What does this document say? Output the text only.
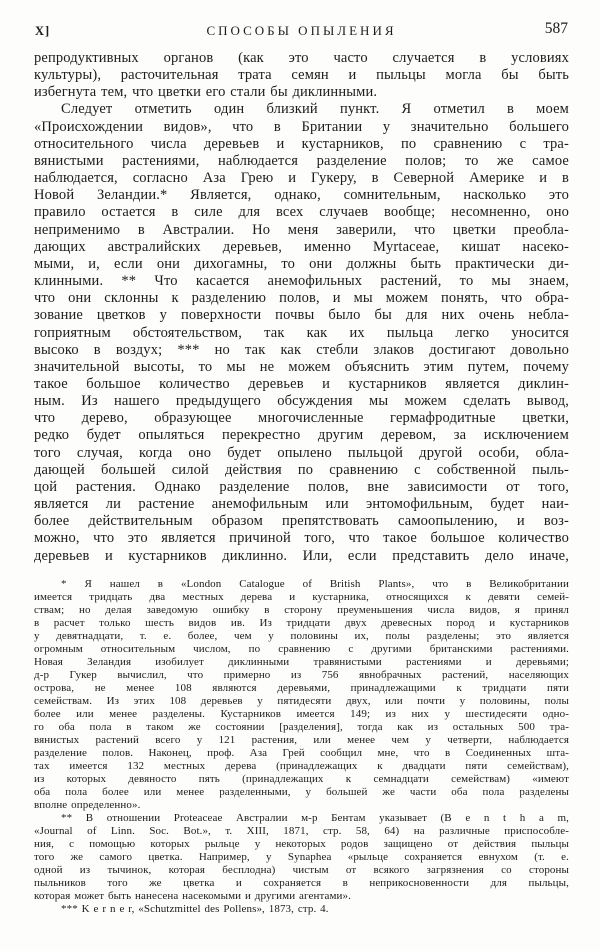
X]	СПОСОБЫ ОПЫЛЕНИЯ	587
репродуктивных органов (как это часто случается в условиях
культуры), расточительная трата семян и пыльцы могла бы быть
избегнута тем, что цветки его стали бы диклинными.
Следует отметить один близкий пункт. Я отметил в моем
«Происхождении видов», что в Британии у значительно большего
относительного числа деревьев и кустарников, по сравнению с тра-
вянистыми растениями, наблюдается разделение полов; то же самое
наблюдается, согласно Аза Грею и Гукеру, в Северной Америке и в
Новой Зеландии.* Является, однако, сомнительным, насколько это
правило остается в силе для всех случаев вообще; несомненно, оно
неприменимо в Австралии. Но меня заверили, что цветки преобла-
дающих австралийских деревьев, именно Myrtaceae, кишат насеко-
мыми, и, если они дихогамны, то они должны быть практически ди-
клинными. ** Что касается анемофильных растений, то мы знаем,
что они склонны к разделению полов, и мы можем понять, что обра-
зование цветков у поверхности почвы было бы для них очень небла-
гоприятным обстоятельством, так как их пыльца легко уносится
высоко в воздух; *** но так как стебли злаков достигают довольно
значительной высоты, то мы не можем объяснить этим путем, почему
такое большое количество деревьев и кустарников является диклин-
ным. Из нашего предыдущего обсуждения мы можем сделать вывод,
что дерево, образующее многочисленные гермафродитные цветки,
редко будет опыляться перекрестно другим деревом, за исключением
того случая, когда оно будет опылено пыльцой другой особи, обла-
дающей большей силой действия по сравнению с собственной пыль-
цой растения. Однако разделение полов, вне зависимости от того,
является ли растение анемофильным или энтомофильным, будет наи-
более действительным образом препятствовать самоопылению, и воз-
можно, что это является причиной того, что такое большое количество
деревьев и кустарников диклинно. Или, если представить дело иначе,
* Я нашел в «London Catalogue of British Plants», что в Великобритании
имеется тридцать два местных дерева и кустарника, относящихся к девяти семей-
ствам; но делая заведомую ошибку в сторону преуменьшения числа видов, я принял
в расчет только шесть видов ив. Из тридцати двух древесных пород и кустарников
у девятнадцати, т. е. более, чем у половины их, полы разделены; это является
огромным относительным числом, по сравнению с другими британскими растениями.
Новая Зеландия изобилует диклинными травянистыми растениями и деревьями;
д-р Гукер вычислил, что примерно из 756 явнобрачных растений, населяющих
острова, не менее 108 являются деревьями, принадлежащими к тридцати пяти
семействам. Из этих 108 деревьев у пятидесяти двух, или почти у половины, полы
более или менее разделены. Кустарников имеется 149; из них у шестидесяти одно-
го оба пола в таком же состоянии [разделения], тогда как из остальных 500 тра-
вянистых растений всего у 121 растения, или менее чем у четверти, наблюдается
разделение полов. Наконец, проф. Аза Грей сообщил мне, что в Соединенных шта-
тах имеется 132 местных дерева (принадлежащих к двадцати пяти семействам),
из которых девяносто пять (принадлежащих к семнадцати семействам) «имеют
оба пола более или менее разделенными, у большей же части оба пола разделены
вполне определенно».
** В отношении Proteaceae Австралии м-р Бентам указывает (B e n t h a m,
«Journal of Linn. Soc. Bot.», т. XIII, 1871, стр. 58, 64) на различные приспособле-
ния, с помощью которых рыльце у некоторых родов защищено от действия пыльцы
того же самого цветка. Например, у Synaphea «рыльце сохраняется евнухом (т. е.
одной из тычинок, которая бесплодна) чистым от всякого загрязнения со стороны
пыльников того же цветка и сохраняется в неприкосновенности для пыльцы,
которая может быть нанесена насекомыми и другими агентами».
*** K e r n e r, «Schutzmittel des Pollens», 1873, стр. 4.
